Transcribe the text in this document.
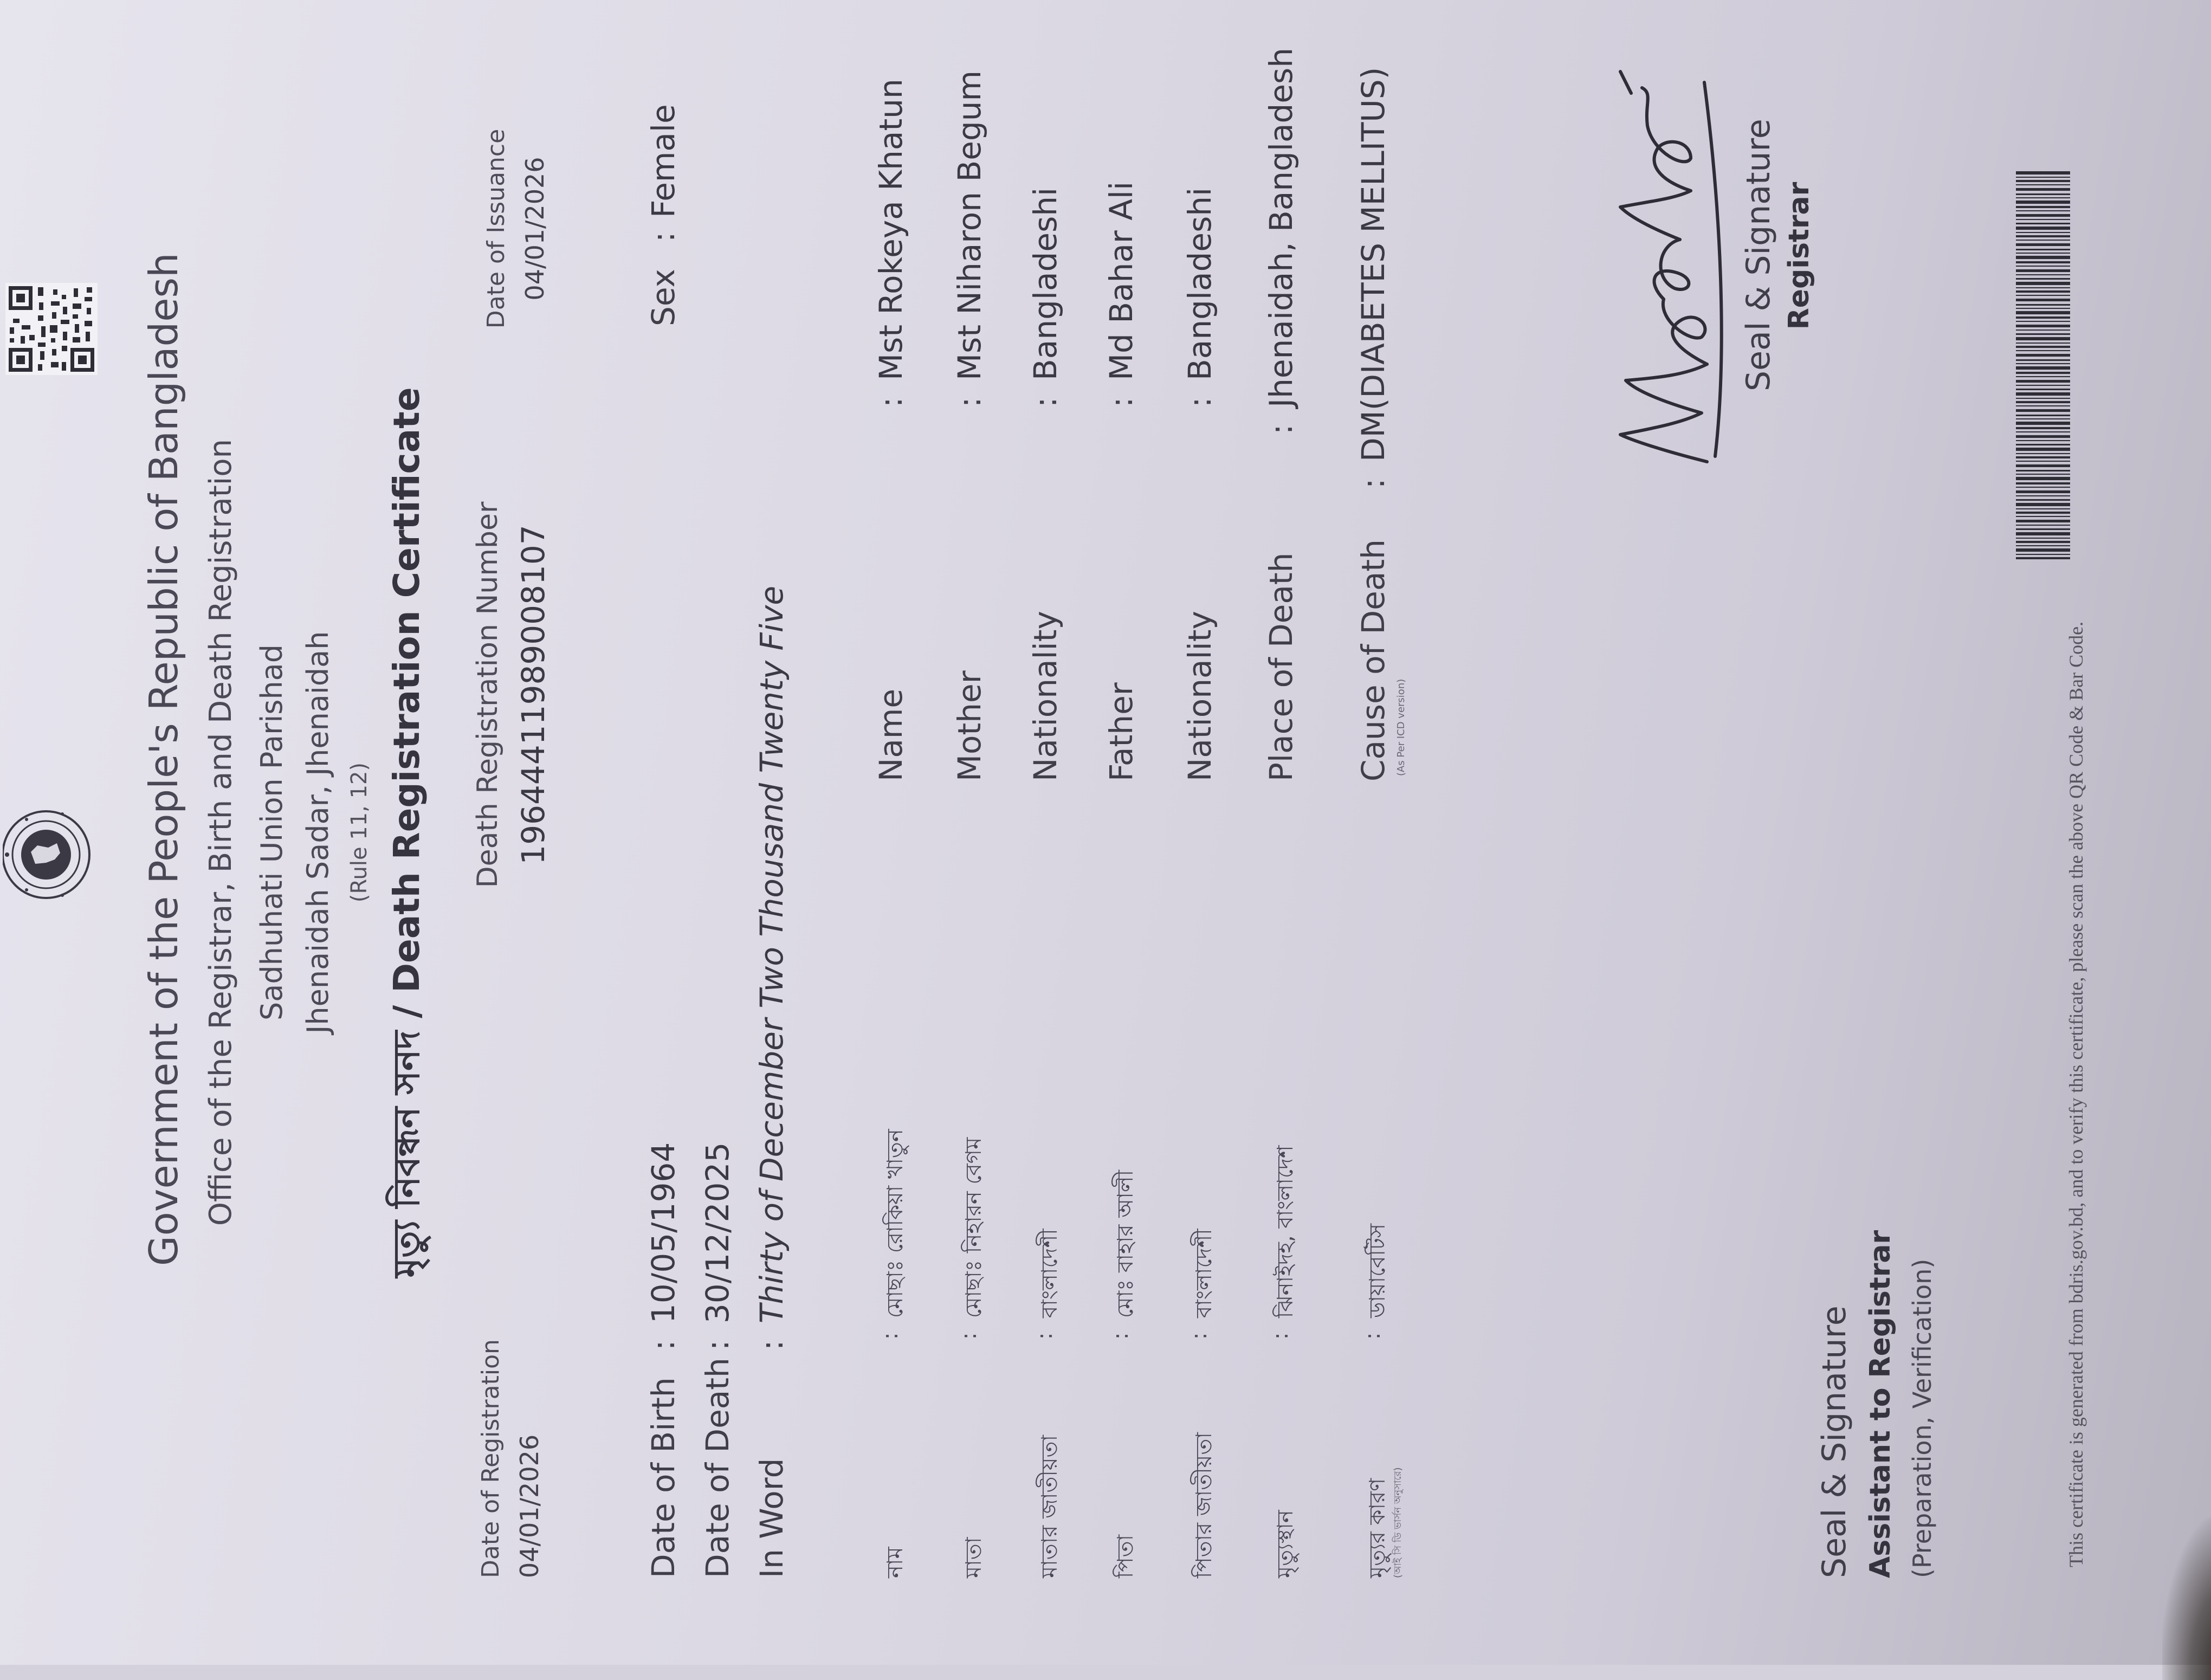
Government of the People's Republic of Bangladesh Office of the Registrar, Birth and Death Registration Sadhuhati Union Parishad Jhenaidah Sadar, Jhenaidah (Rule 11, 12) মৃত্যু নিবন্ধন সনদ / Death Registration Certificate
Date of Registration 04/01/2026
Death Registration Number 19644411989008107
Date of Issuance 04/01/2026
Date of Birth
:
10/05/1964
Sex
:
Female
Date of Death
:
30/12/2025
In Word
:
Thirty of December Two Thousand Twenty Five
নাম
:
মোছাঃ রোকিয়া খাতুন
Name
:
Mst Rokeya Khatun
মাতা
:
মোছাঃ নিহারন বেগম
Mother
:
Mst Niharon Begum
মাতার জাতীয়তা
:
বাংলাদেশী
Nationality
:
Bangladeshi
পিতা
:
মোঃ বাহার আলী
Father
:
Md Bahar Ali
পিতার জাতীয়তা
:
বাংলাদেশী
Nationality
:
Bangladeshi
মৃত্যুস্থান
:
ঝিনাইদহ, বাংলাদেশ
Place of Death
:
Jhenaidah, Bangladesh
মৃত্যুর কারণ (আই সি ডি ভার্সন অনুসারে)
:
ডায়াবেটিস
Cause of Death (As Per ICD version)
:
DM(DIABETES MELLITUS)
Seal & Signature Assistant to Registrar (Preparation, Verification)
Seal & Signature Registrar
This certificate is generated from bdris.gov.bd, and to verify this certificate, please scan the above QR Code & Bar Code.
